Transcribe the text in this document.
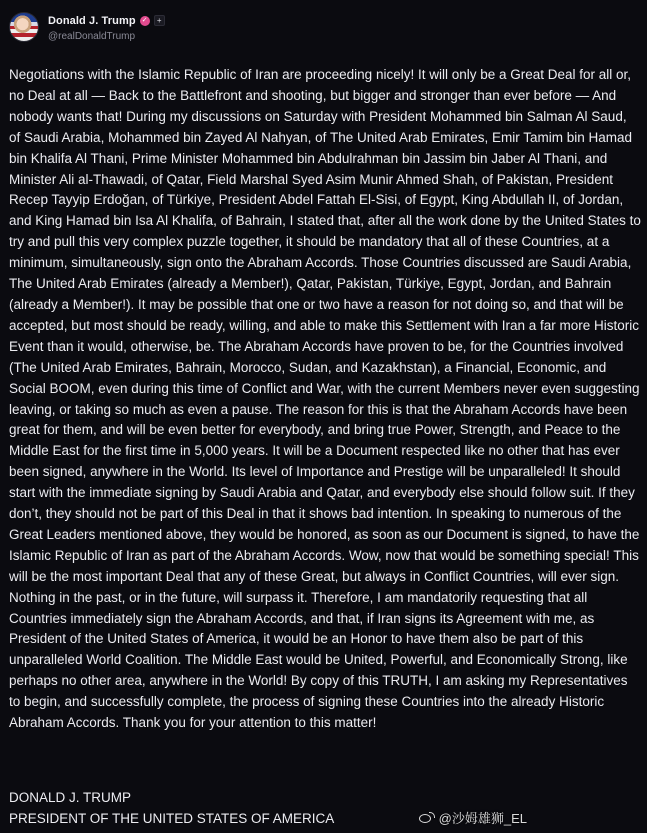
Donald J. Trump ✓	+
@realDonaldTrump

Negotiations with the Islamic Republic of Iran are proceeding nicely! It will only be a Great Deal for all or, no Deal at all — Back to the Battlefront and shooting, but bigger and stronger than ever before — And nobody wants that! During my discussions on Saturday with President Mohammed bin Salman Al Saud, of Saudi Arabia, Mohammed bin Zayed Al Nahyan, of The United Arab Emirates, Emir Tamim bin Hamad bin Khalifa Al Thani, Prime Minister Mohammed bin Abdulrahman bin Jassim bin Jaber Al Thani, and Minister Ali al-Thawadi, of Qatar, Field Marshal Syed Asim Munir Ahmed Shah, of Pakistan, President Recep Tayyip Erdoğan, of Türkiye, President Abdel Fattah El-Sisi, of Egypt, King Abdullah II, of Jordan, and King Hamad bin Isa Al Khalifa, of Bahrain, I stated that, after all the work done by the United States to try and pull this very complex puzzle together, it should be mandatory that all of these Countries, at a minimum, simultaneously, sign onto the Abraham Accords. Those Countries discussed are Saudi Arabia, The United Arab Emirates (already a Member!), Qatar, Pakistan, Türkiye, Egypt, Jordan, and Bahrain (already a Member!). It may be possible that one or two have a reason for not doing so, and that will be accepted, but most should be ready, willing, and able to make this Settlement with Iran a far more Historic Event than it would, otherwise, be. The Abraham Accords have proven to be, for the Countries involved (The United Arab Emirates, Bahrain, Morocco, Sudan, and Kazakhstan), a Financial, Economic, and Social BOOM, even during this time of Conflict and War, with the current Members never even suggesting leaving, or taking so much as even a pause. The reason for this is that the Abraham Accords have been great for them, and will be even better for everybody, and bring true Power, Strength, and Peace to the Middle East for the first time in 5,000 years. It will be a Document respected like no other that has ever been signed, anywhere in the World. Its level of Importance and Prestige will be unparalleled! It should start with the immediate signing by Saudi Arabia and Qatar, and everybody else should follow suit. If they don’t, they should not be part of this Deal in that it shows bad intention. In speaking to numerous of the Great Leaders mentioned above, they would be honored, as soon as our Document is signed, to have the Islamic Republic of Iran as part of the Abraham Accords. Wow, now that would be something special! This will be the most important Deal that any of these Great, but always in Conflict Countries, will ever sign. Nothing in the past, or in the future, will surpass it. Therefore, I am mandatorily requesting that all Countries immediately sign the Abraham Accords, and that, if Iran signs its Agreement with me, as President of the United States of America, it would be an Honor to have them also be part of this unparalleled World Coalition. The Middle East would be United, Powerful, and Economically Strong, like perhaps no other area, anywhere in the World! By copy of this TRUTH, I am asking my Representatives to begin, and successfully complete, the process of signing these Countries into the already Historic Abraham Accords. Thank you for your attention to this matter!

DONALD J. TRUMP
PRESIDENT OF THE UNITED STATES OF AMERICA	@沙姆雄狮_EL
